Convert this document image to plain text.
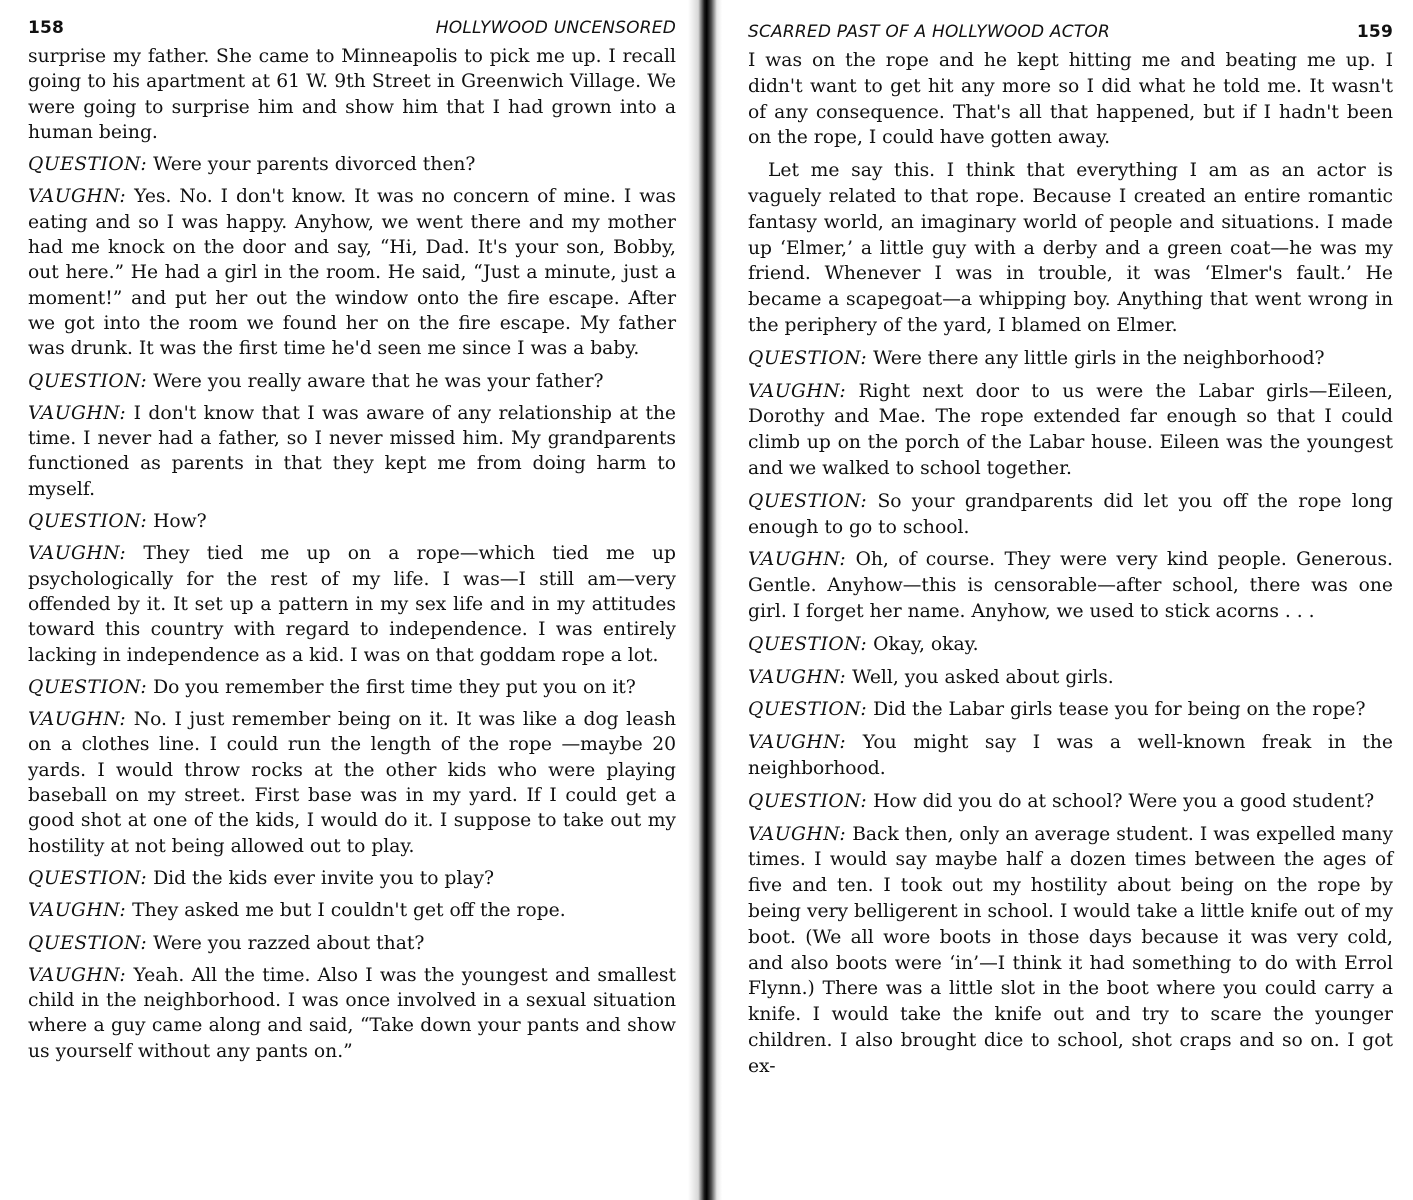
158	HOLLYWOOD UNCENSORED

surprise my father. She came to Minneapolis to pick me up. I recall going to his apartment at 61 W. 9th Street in Greenwich Village. We were going to surprise him and show him that I had grown into a human being.

QUESTION: Were your parents divorced then?

VAUGHN: Yes. No. I don't know. It was no concern of mine. I was eating and so I was happy. Anyhow, we went there and my mother had me knock on the door and say, “Hi, Dad. It's your son, Bobby, out here.” He had a girl in the room. He said, “Just a minute, just a moment!” and put her out the window onto the fire escape. After we got into the room we found her on the fire escape. My father was drunk. It was the first time he'd seen me since I was a baby.

QUESTION: Were you really aware that he was your father?

VAUGHN: I don't know that I was aware of any relationship at the time. I never had a father, so I never missed him. My grandparents functioned as parents in that they kept me from doing harm to myself.

QUESTION: How?

VAUGHN: They tied me up on a rope—which tied me up psychologically for the rest of my life. I was—I still am—very offended by it. It set up a pattern in my sex life and in my attitudes toward this country with regard to independence. I was entirely lacking in independence as a kid. I was on that goddam rope a lot.

QUESTION: Do you remember the first time they put you on it?

VAUGHN: No. I just remember being on it. It was like a dog leash on a clothes line. I could run the length of the rope —maybe 20 yards. I would throw rocks at the other kids who were playing baseball on my street. First base was in my yard. If I could get a good shot at one of the kids, I would do it. I suppose to take out my hostility at not being allowed out to play.

QUESTION: Did the kids ever invite you to play?

VAUGHN: They asked me but I couldn't get off the rope.

QUESTION: Were you razzed about that?

VAUGHN: Yeah. All the time. Also I was the youngest and smallest child in the neighborhood. I was once involved in a sexual situation where a guy came along and said, “Take down your pants and show us yourself without any pants on.”

SCARRED PAST OF A HOLLYWOOD ACTOR	159

I was on the rope and he kept hitting me and beating me up. I didn't want to get hit any more so I did what he told me. It wasn't of any consequence. That's all that happened, but if I hadn't been on the rope, I could have gotten away.

Let me say this. I think that everything I am as an actor is vaguely related to that rope. Because I created an entire romantic fantasy world, an imaginary world of people and situations. I made up ‘Elmer,’ a little guy with a derby and a green coat—he was my friend. Whenever I was in trouble, it was ‘Elmer's fault.’ He became a scapegoat—a whipping boy. Anything that went wrong in the periphery of the yard, I blamed on Elmer.

QUESTION: Were there any little girls in the neighborhood?

VAUGHN: Right next door to us were the Labar girls—Eileen, Dorothy and Mae. The rope extended far enough so that I could climb up on the porch of the Labar house. Eileen was the youngest and we walked to school together.

QUESTION: So your grandparents did let you off the rope long enough to go to school.

VAUGHN: Oh, of course. They were very kind people. Generous. Gentle. Anyhow—this is censorable—after school, there was one girl. I forget her name. Anyhow, we used to stick acorns . . .

QUESTION: Okay, okay.

VAUGHN: Well, you asked about girls.

QUESTION: Did the Labar girls tease you for being on the rope?

VAUGHN: You might say I was a well-known freak in the neighborhood.

QUESTION: How did you do at school? Were you a good student?

VAUGHN: Back then, only an average student. I was expelled many times. I would say maybe half a dozen times between the ages of five and ten. I took out my hostility about being on the rope by being very belligerent in school. I would take a little knife out of my boot. (We all wore boots in those days because it was very cold, and also boots were ‘in’—I think it had something to do with Errol Flynn.) There was a little slot in the boot where you could carry a knife. I would take the knife out and try to scare the younger children. I also brought dice to school, shot craps and so on. I got ex-
